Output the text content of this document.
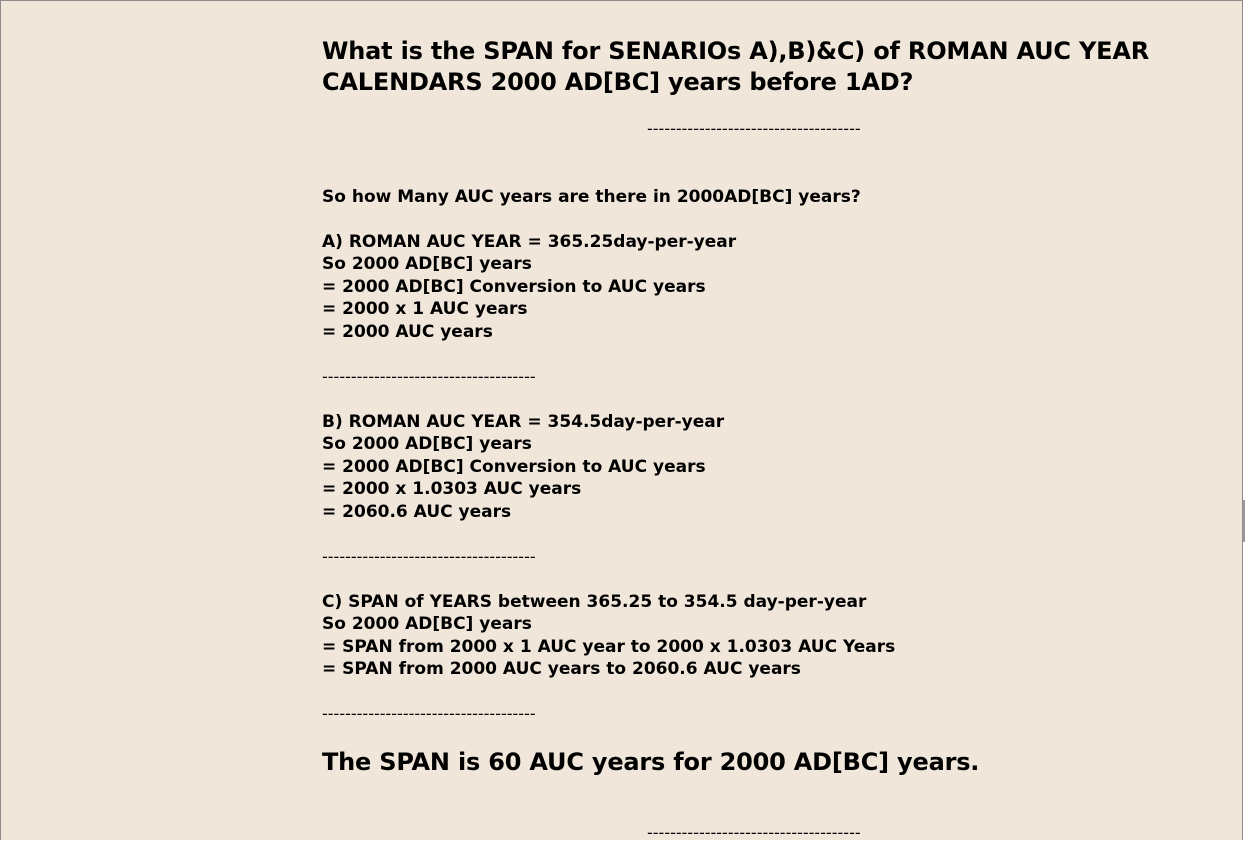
What is the SPAN for SENARIOs A),B)&C) of ROMAN AUC YEAR CALENDARS 2000 AD[BC] years before 1AD?
-------------------------------------
So how Many AUC years are there in 2000AD[BC] years?
A) ROMAN AUC YEAR = 365.25day-per-year
So 2000 AD[BC] years
= 2000 AD[BC] Conversion to AUC years
= 2000 x 1 AUC years
= 2000 AUC years
-------------------------------------
B) ROMAN AUC YEAR = 354.5day-per-year
So 2000 AD[BC] years
= 2000 AD[BC] Conversion to AUC years
= 2000 x 1.0303 AUC years
= 2060.6 AUC years
-------------------------------------
C) SPAN of YEARS between 365.25 to 354.5 day-per-year
So 2000 AD[BC] years
= SPAN from 2000 x 1 AUC year to 2000 x 1.0303 AUC Years
= SPAN from 2000 AUC years to 2060.6 AUC years
-------------------------------------
The SPAN is 60 AUC years for 2000 AD[BC] years.
-------------------------------------
